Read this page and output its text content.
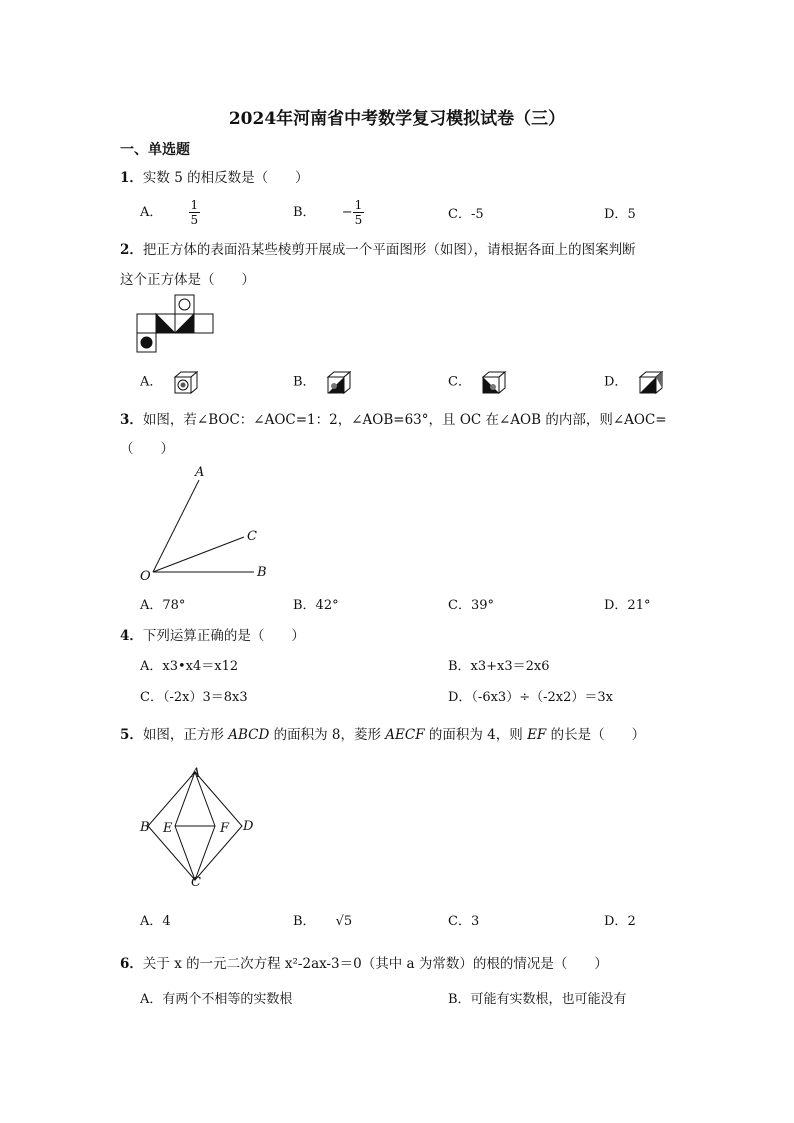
2024年河南省中考数学复习模拟试卷（三）
一、单选题
1．实数 5 的相反数是（　　）
A． $\frac{1}{5}$	B． − $\frac{1}{5}$	C．-5	D．5
2．把正方体的表面沿某些棱剪开展成一个平面图形（如图），请根据各面上的图案判断
这个正方体是（　　）
A．	B．	C．	D．
3．如图，若∠BOC：∠AOC=1：2，∠AOB=63°，且 OC 在∠AOB 的内部，则∠AOC=
（　　）
A
C
O	B
A．78°	B．42°	C．39°	D．21°
4．下列运算正确的是（　　）
A．x3•x4＝x12	B．x3+x3＝2x6
C．（-2x）3＝8x3	D．（-6x3）÷（-2x2）＝3x
5．如图，正方形 ABCD 的面积为 8，菱形 AECF 的面积为 4，则 EF 的长是（　　）
A
B E	F D
C
A．4	B． √5	C．3	D．2
6．关于 x 的一元二次方程 x²-2ax-3＝0（其中 a 为常数）的根的情况是（　　）
A．有两个不相等的实数根	B．可能有实数根，也可能没有
